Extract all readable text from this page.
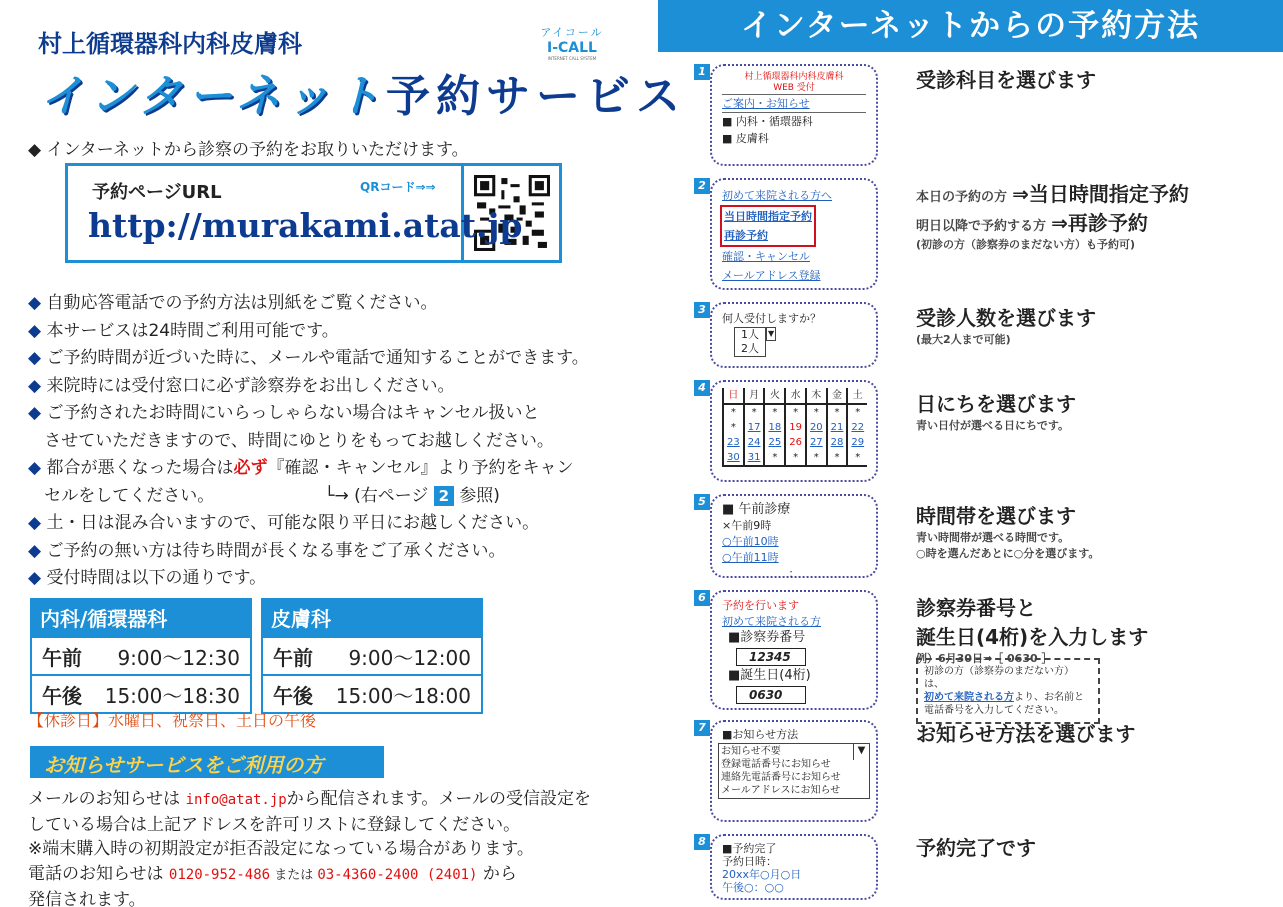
村上循環器科内科皮膚科	アイコール
I-CALL
INTERNET CALL SYSTEM
インターネット予約サービス
◆ インターネットから診察の予約をお取りいただけます。
予約ページURL	QRコード⇒⇒
http://murakami.atat.jp
◆ 自動応答電話での予約方法は別紙をご覧ください。
◆ 本サービスは24時間ご利用可能です。
◆ ご予約時間が近づいた時に、メールや電話で通知することができます。
◆ 来院時には受付窓口に必ず診察券をお出しください。
◆ ご予約されたお時間にいらっしゃらない場合はキャンセル扱いと
させていただきますので、時間にゆとりをもってお越しください。
◆ 都合が悪くなった場合は必ず『確認・キャンセル』より予約をキャン
セルをしてください。	└→ (右ページ 2 参照)
◆ 土・日は混み合いますので、可能な限り平日にお越しください。
◆ ご予約の無い方は待ち時間が長くなる事をご了承ください。
◆ 受付時間は以下の通りです。
内科/循環器科
午前	9:00〜12:30
午後	15:00〜18:30
皮膚科
午前	9:00〜12:00
午後	15:00〜18:00
【休診日】水曜日、祝祭日、土日の午後
お知らせサービスをご利用の方
メールのお知らせは info@atat.jpから配信されます。メールの受信設定を
している場合は上記アドレスを許可リストに登録してください。
※端末購入時の初期設定が拒否設定になっている場合があります。
電話のお知らせは 0120-952-486 または 03-4360-2400 (2401) から
発信されます。
インターネットからの予約方法
1	村上循環器科内科皮膚科
WEB 受付
ご案内・お知らせ
■ 内科・循環器科
■ 皮膚科
受診科目を選びます
2
初めて来院される方へ
当日時間指定予約
再診予約
確認・キャンセル
メールアドレス登録
本日の予約の方 ⇒当日時間指定予約
明日以降で予約する方 ⇒再診予約
(初診の方（診察券のまだない方）も予約可)
3
何人受付しますか？
1人
2人
▼
受診人数を選びます
(最大2人まで可能)
4
日	月	火	水	木	金	土
*	*	*	*	*	*	*
*	17	18	19	20	21	22
23	24	25	26	27	28	29
30	31	*	*	*	*	*
日にちを選びます
青い日付が選べる日にちです。
5
■ 午前診療
×午前9時
○午前10時
○午前11時
：
時間帯を選びます
青い時間帯が選べる時間です。
○時を選んだあとに○分を選びます。
6
予約を行います
初めて来院される方
■診察券番号
12345
■誕生日(4桁)
0630
診察券番号と
誕生日(4桁)を入力します
例）6月30日⇒［ 0630 ］
初診の方（診察券のまだない方）は、
初めて来院される方より、お名前と
電話番号を入力してください。
7
■お知らせ方法
▼
お知らせ不要
登録電話番号にお知らせ
連絡先電話番号にお知らせ
メールアドレスにお知らせ
お知らせ方法を選びます
8
■予約完了
予約日時：
20xx年○月○日
午後○：○○
予約完了です
